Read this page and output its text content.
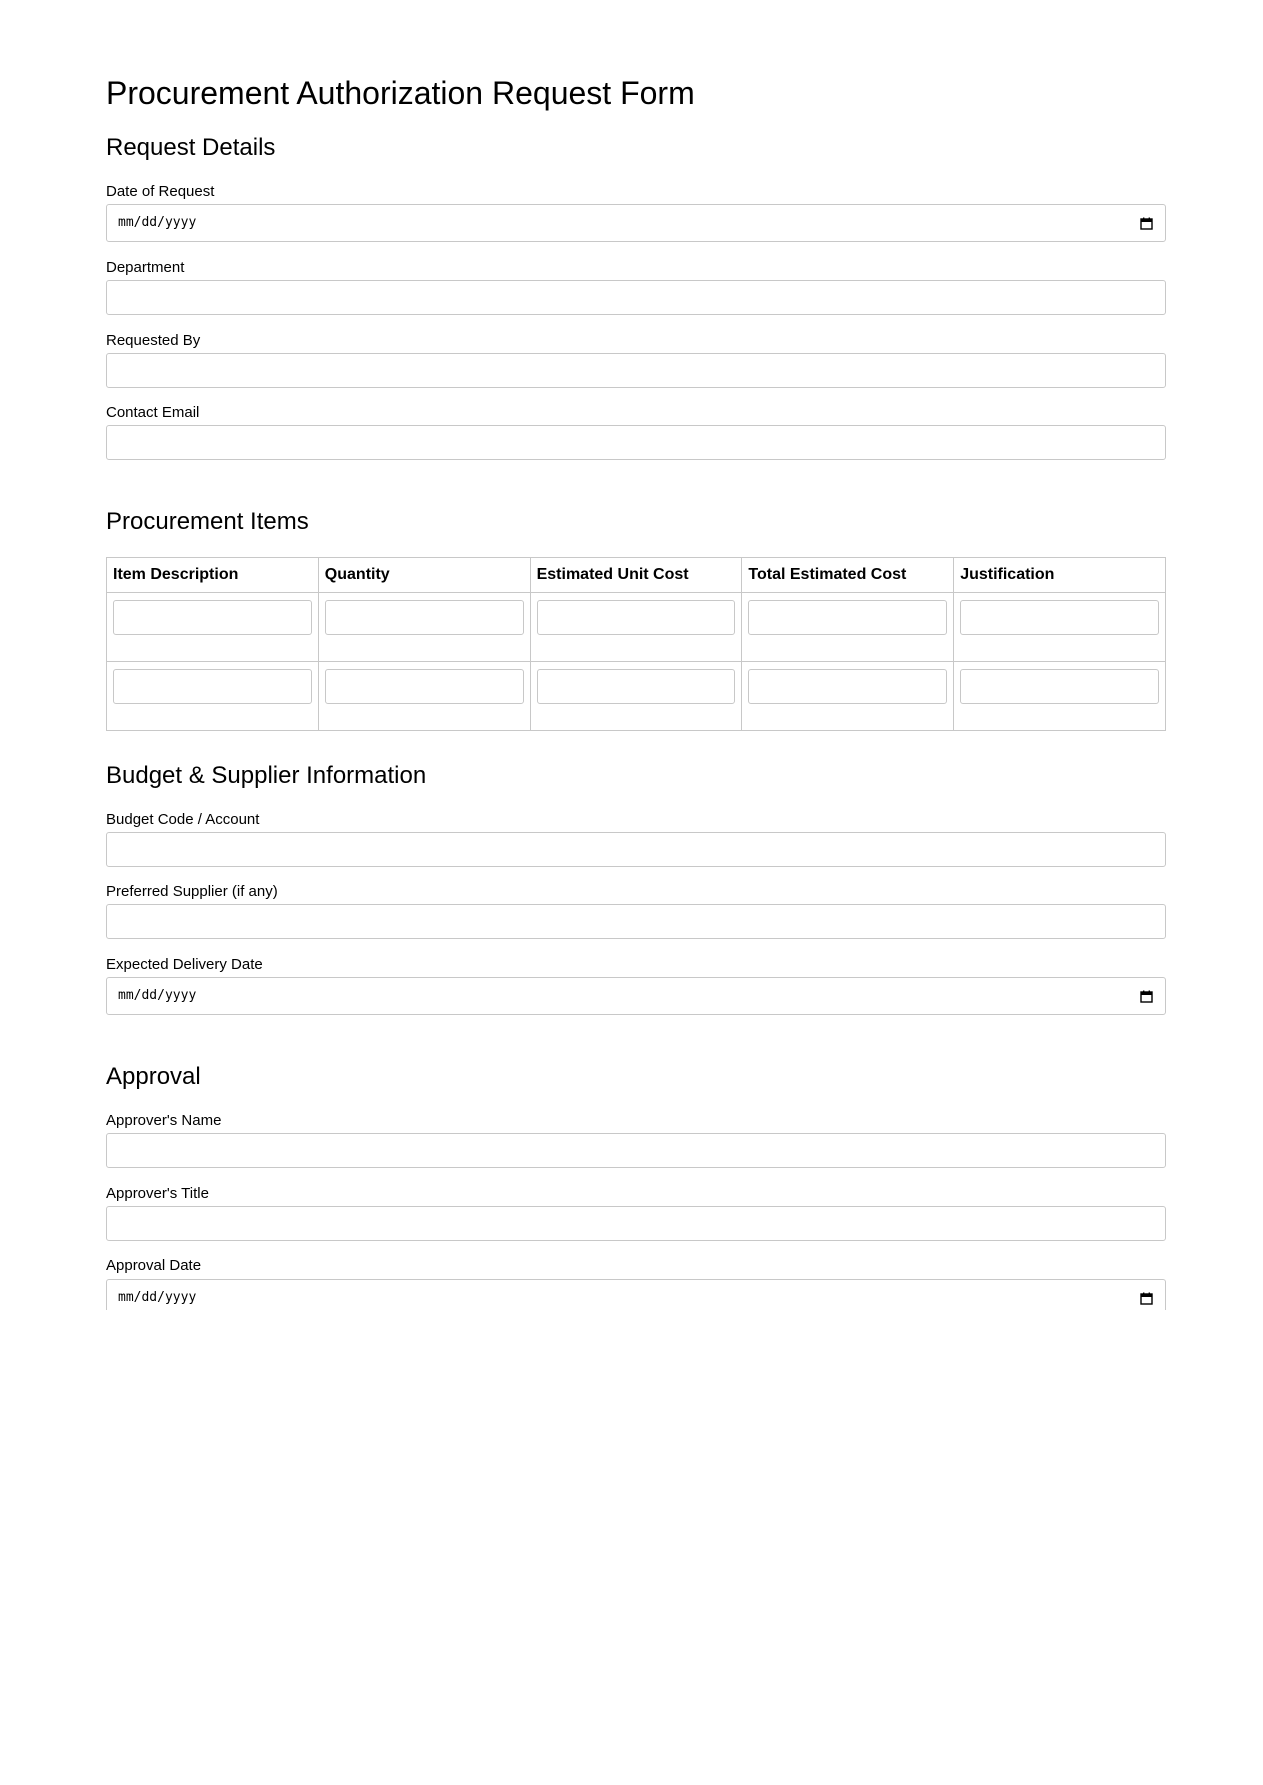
Procurement Authorization Request Form
Request Details
Date of Request
mm/dd/yyyy
Department
Requested By
Contact Email
Procurement Items
Item Description	Quantity	Estimated Unit Cost	Total Estimated Cost	Justification

Budget & Supplier Information
Budget Code / Account
Preferred Supplier (if any)
Expected Delivery Date
mm/dd/yyyy
Approval
Approver's Name
Approver's Title
Approval Date
mm/dd/yyyy
